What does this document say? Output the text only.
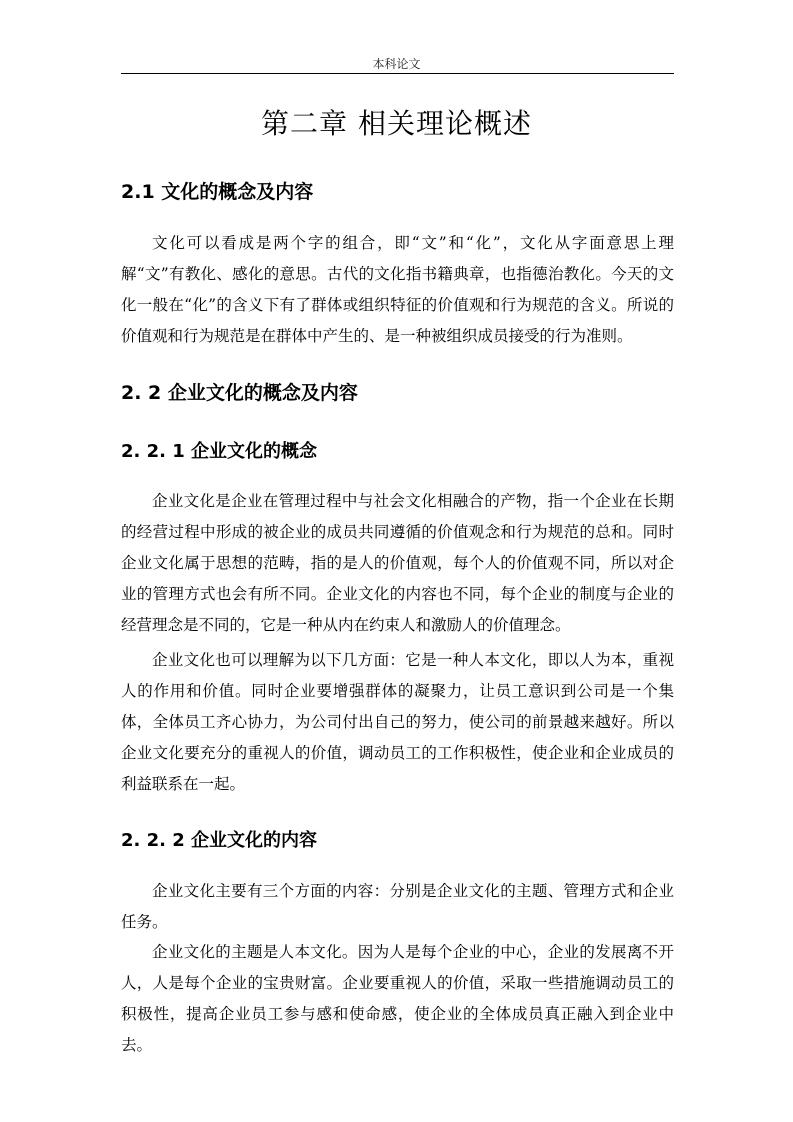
本科论文
第二章 相关理论概述
2.1 文化的概念及内容

文化可以看成是两个字的组合，即“文”和“化”，文化从字面意思上理解“文”有教化、感化的意思。古代的文化指书籍典章，也指德治教化。今天的文化一般在“化”的含义下有了群体或组织特征的价值观和行为规范的含义。所说的价值观和行为规范是在群体中产生的、是一种被组织成员接受的行为准则。

2. 2 企业文化的概念及内容
2. 2. 1 企业文化的概念

企业文化是企业在管理过程中与社会文化相融合的产物，指一个企业在长期的经营过程中形成的被企业的成员共同遵循的价值观念和行为规范的总和。同时企业文化属于思想的范畴，指的是人的价值观，每个人的价值观不同，所以对企业的管理方式也会有所不同。企业文化的内容也不同，每个企业的制度与企业的经营理念是不同的，它是一种从内在约束人和激励人的价值理念。

企业文化也可以理解为以下几方面：它是一种人本文化，即以人为本，重视人的作用和价值。同时企业要增强群体的凝聚力，让员工意识到公司是一个集体，全体员工齐心协力，为公司付出自己的努力，使公司的前景越来越好。所以企业文化要充分的重视人的价值，调动员工的工作积极性，使企业和企业成员的利益联系在一起。

2. 2. 2 企业文化的内容

企业文化主要有三个方面的内容：分别是企业文化的主题、管理方式和企业任务。

企业文化的主题是人本文化。因为人是每个企业的中心，企业的发展离不开人，人是每个企业的宝贵财富。企业要重视人的价值，采取一些措施调动员工的积极性，提高企业员工参与感和使命感，使企业的全体成员真正融入到企业中去。
